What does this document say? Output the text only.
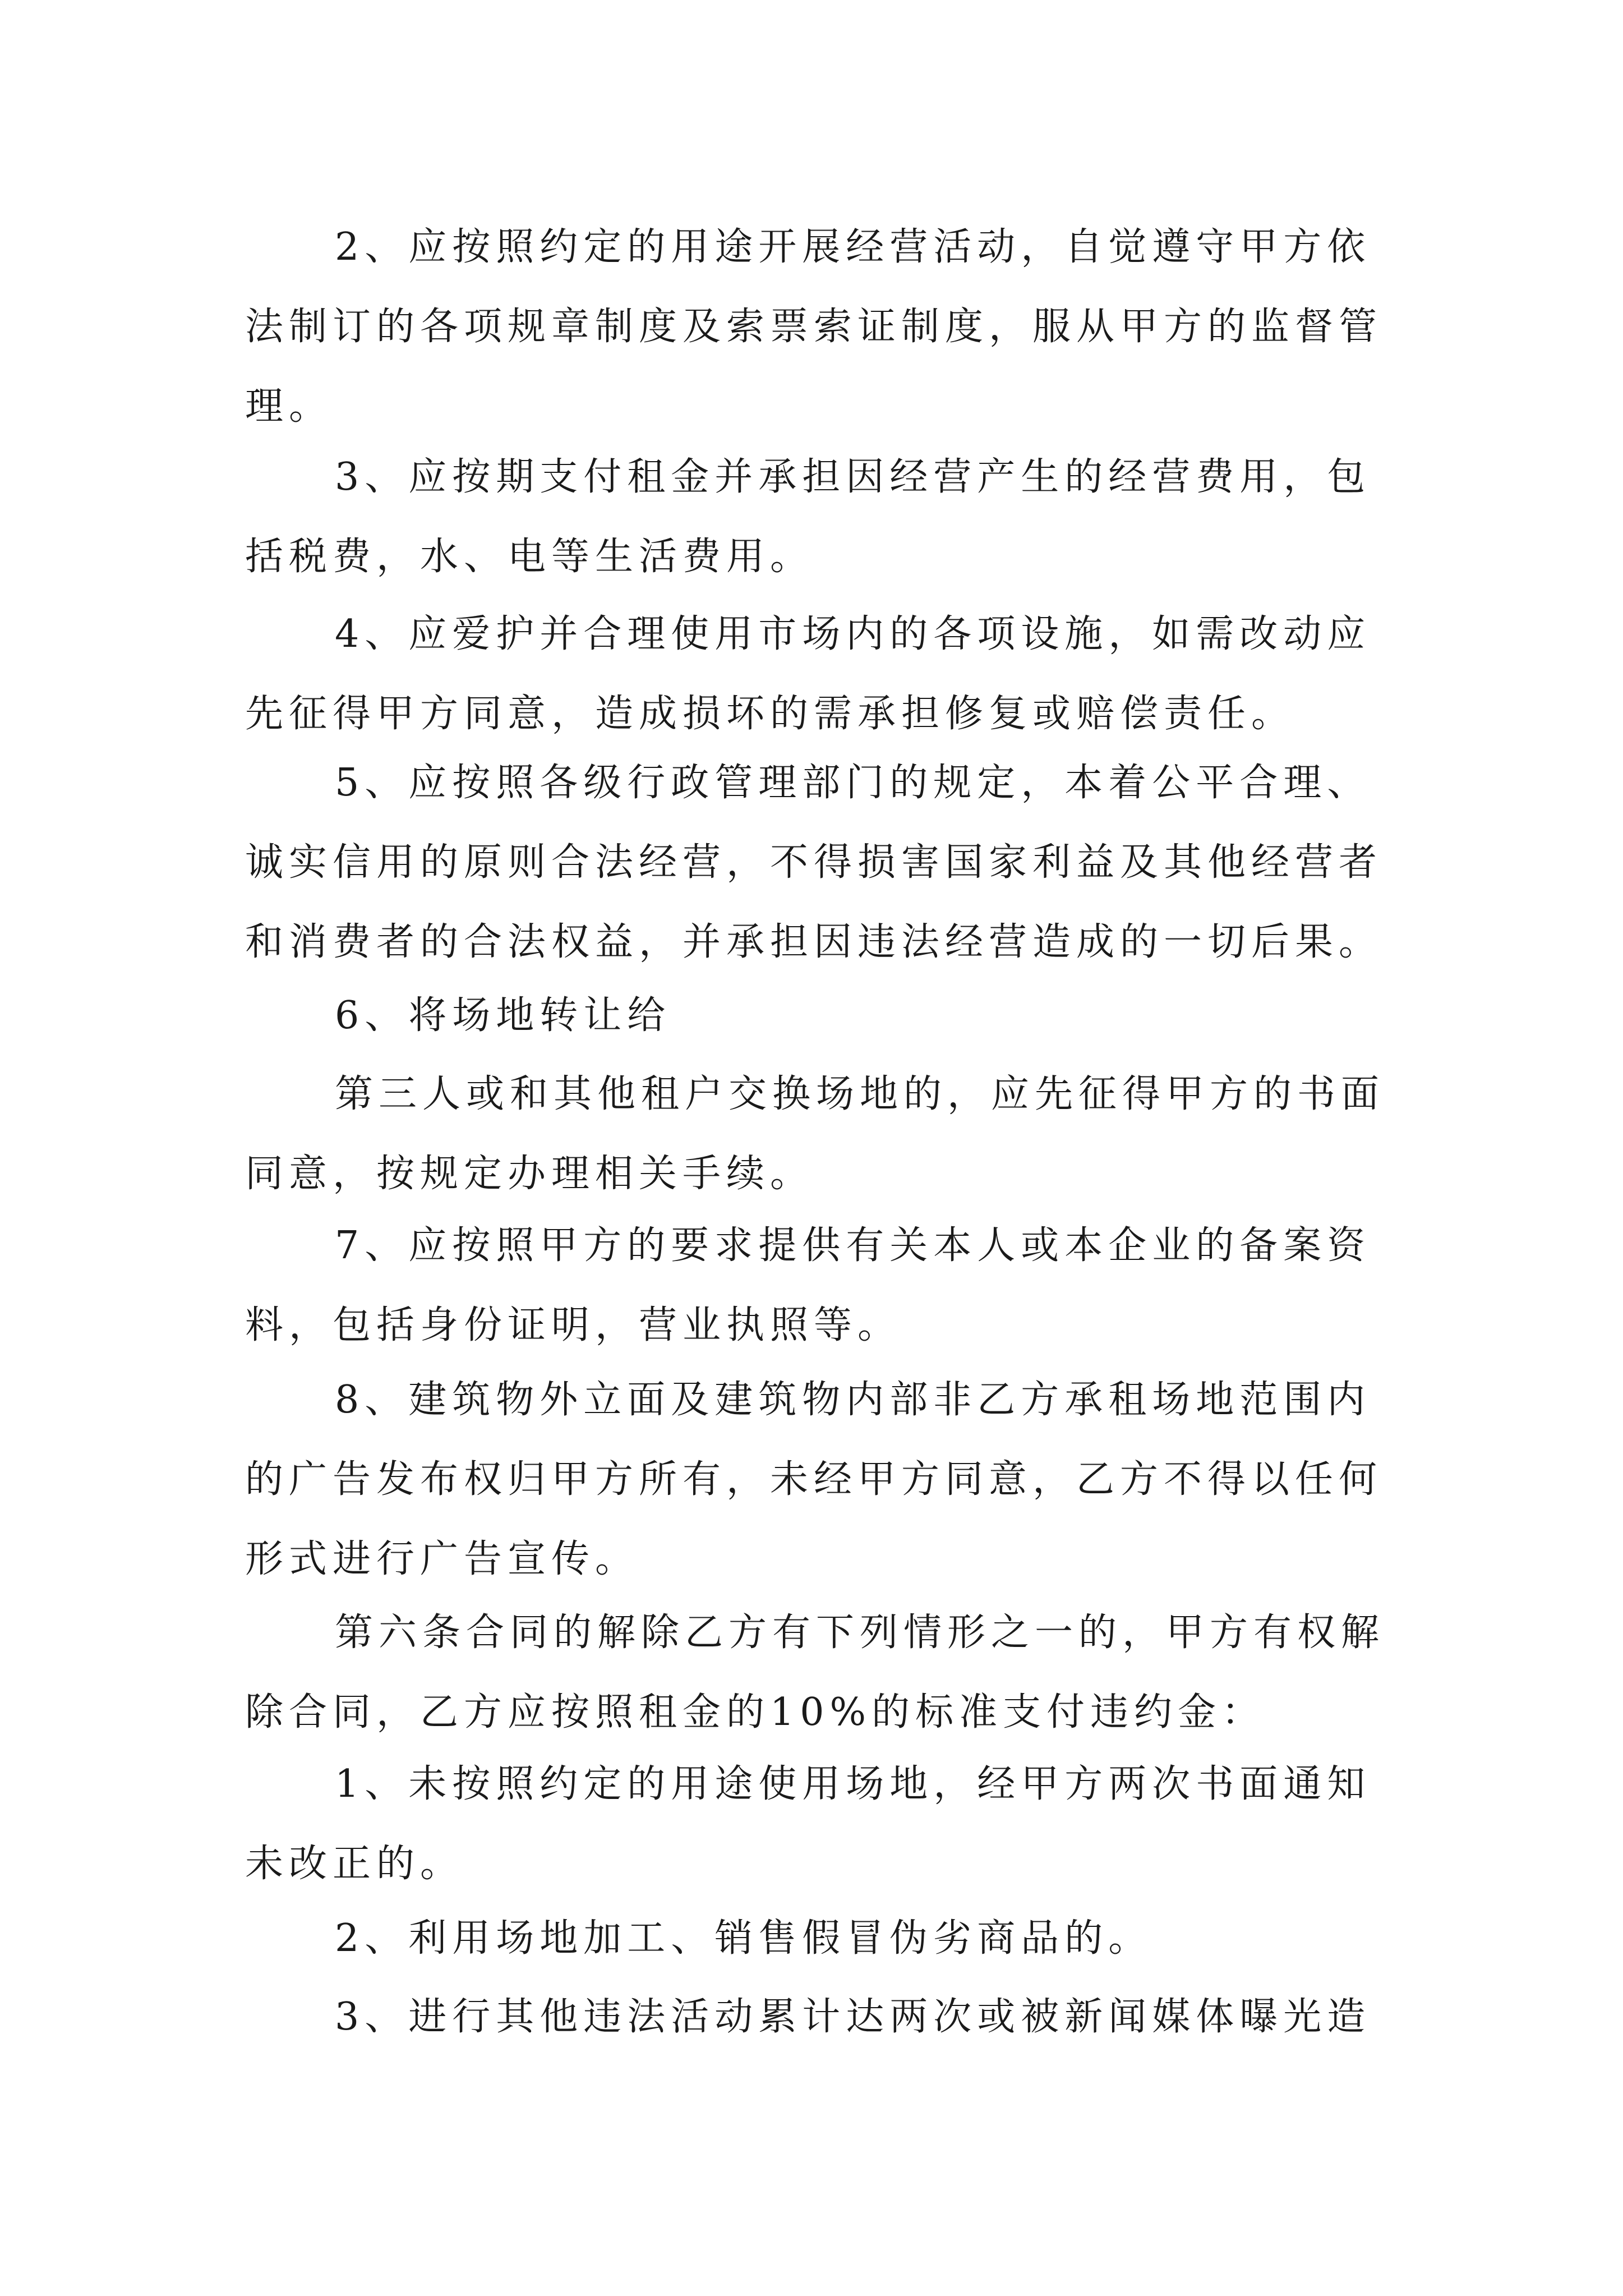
2、应按照约定的用途开展经营活动，自觉遵守甲方依
法制订的各项规章制度及索票索证制度，服从甲方的监督管
理。

3、应按期支付租金并承担因经营产生的经营费用，包
括税费，水、电等生活费用。

4、应爱护并合理使用市场内的各项设施，如需改动应
先征得甲方同意，造成损坏的需承担修复或赔偿责任。

5、应按照各级行政管理部门的规定，本着公平合理、
诚实信用的原则合法经营，不得损害国家利益及其他经营者
和消费者的合法权益，并承担因违法经营造成的一切后果。

6、将场地转让给

第三人或和其他租户交换场地的，应先征得甲方的书面
同意，按规定办理相关手续。

7、应按照甲方的要求提供有关本人或本企业的备案资
料，包括身份证明，营业执照等。

8、建筑物外立面及建筑物内部非乙方承租场地范围内
的广告发布权归甲方所有，未经甲方同意，乙方不得以任何
形式进行广告宣传。

第六条合同的解除乙方有下列情形之一的，甲方有权解
除合同，乙方应按照租金的10%的标准支付违约金：

1、未按照约定的用途使用场地，经甲方两次书面通知
未改正的。

2、利用场地加工、销售假冒伪劣商品的。

3、进行其他违法活动累计达两次或被新闻媒体曝光造
